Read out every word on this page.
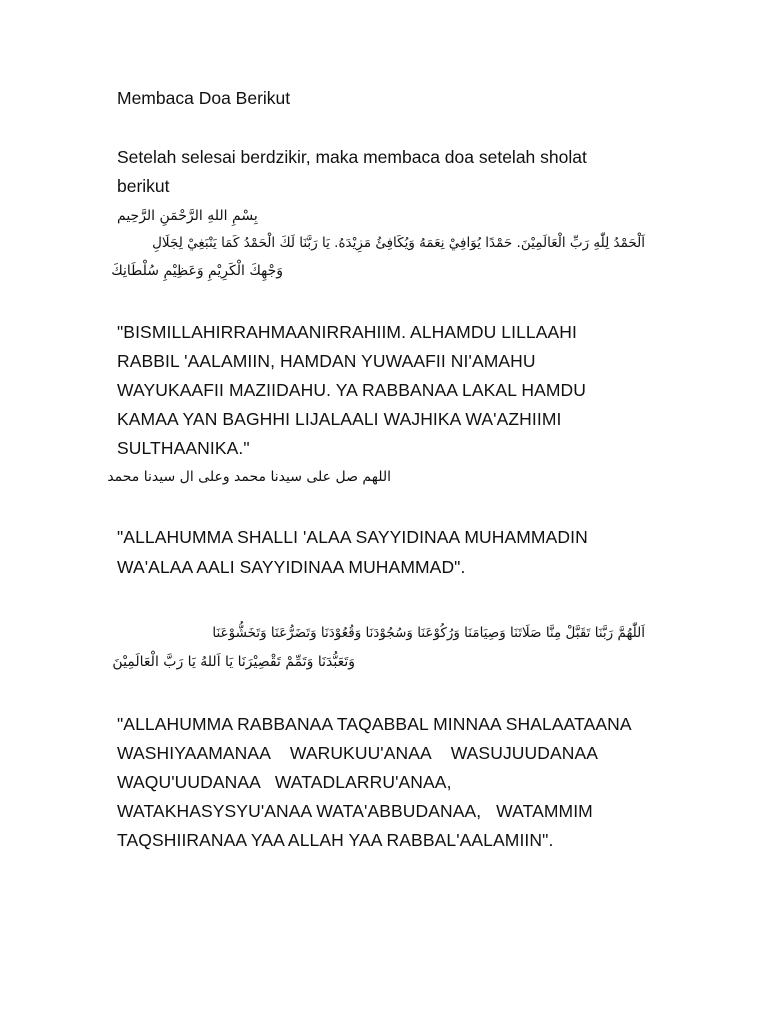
Membaca Doa Berikut
Setelah selesai berdzikir, maka membaca doa setelah sholat
berikut
بِسْمِ اللهِ الرَّحْمَنِ الرَّحِيم
اَلْحَمْدُ لِلّٰهِ رَبِّ الْعَالَمِيْنَ. حَمْدًا يُوَافِيْ نِعَمَهُ وَيُكَافِئُ مَزِيْدَهُ. يَا رَبَّنَا لَكَ الْحَمْدُ كَمَا يَنْبَغِيْ لِجَلَالِ
وَجْهِكَ الْكَرِيْمِ وَعَظِيْمِ سُلْطَانِكَ
"BISMILLAHIRRAHMAANIRRAHIIM. ALHAMDU LILLAAHI
RABBIL 'AALAMIIN, HAMDAN YUWAAFII NI'AMAHU
WAYUKAAFII MAZIIDAHU. YA RABBANAA LAKAL HAMDU
KAMAA YAN BAGHHI LIJALAALI WAJHIKA WA'AZHIIMI
SULTHAANIKA."
اللهم صل على سيدنا محمد وعلى ال سيدنا محمد
"ALLAHUMMA SHALLI 'ALAA SAYYIDINAA MUHAMMADIN
WA'ALAA AALI SAYYIDINAA MUHAMMAD".
اَللّٰهُمَّ رَبَّنَا تَقَبَّلْ مِنَّا صَلَاتَنَا وَصِيَامَنَا وَرُكُوْعَنَا وَسُجُوْدَنَا وَقُعُوْدَنَا وَتَضَرُّعَنَا وَتَخَشُّوْعَنَا
وَتَعَبُّدَنَا وَتَمِّمْ تَقْصِيْرَنَا يَا اَللهُ يَا رَبَّ الْعَالَمِيْنَ
"ALLAHUMMA RABBANAA TAQABBAL MINNAA SHALAATAANA
WASHIYAAMANAA    WARUKUU'ANAA    WASUJUUDANAA
WAQU'UUDANAA   WATADLARRU'ANAA,
WATAKHASYSYU'ANAA WATA'ABBUDANAA,   WATAMMIM
TAQSHIIRANAA YAA ALLAH YAA RABBAL'AALAMIIN".
